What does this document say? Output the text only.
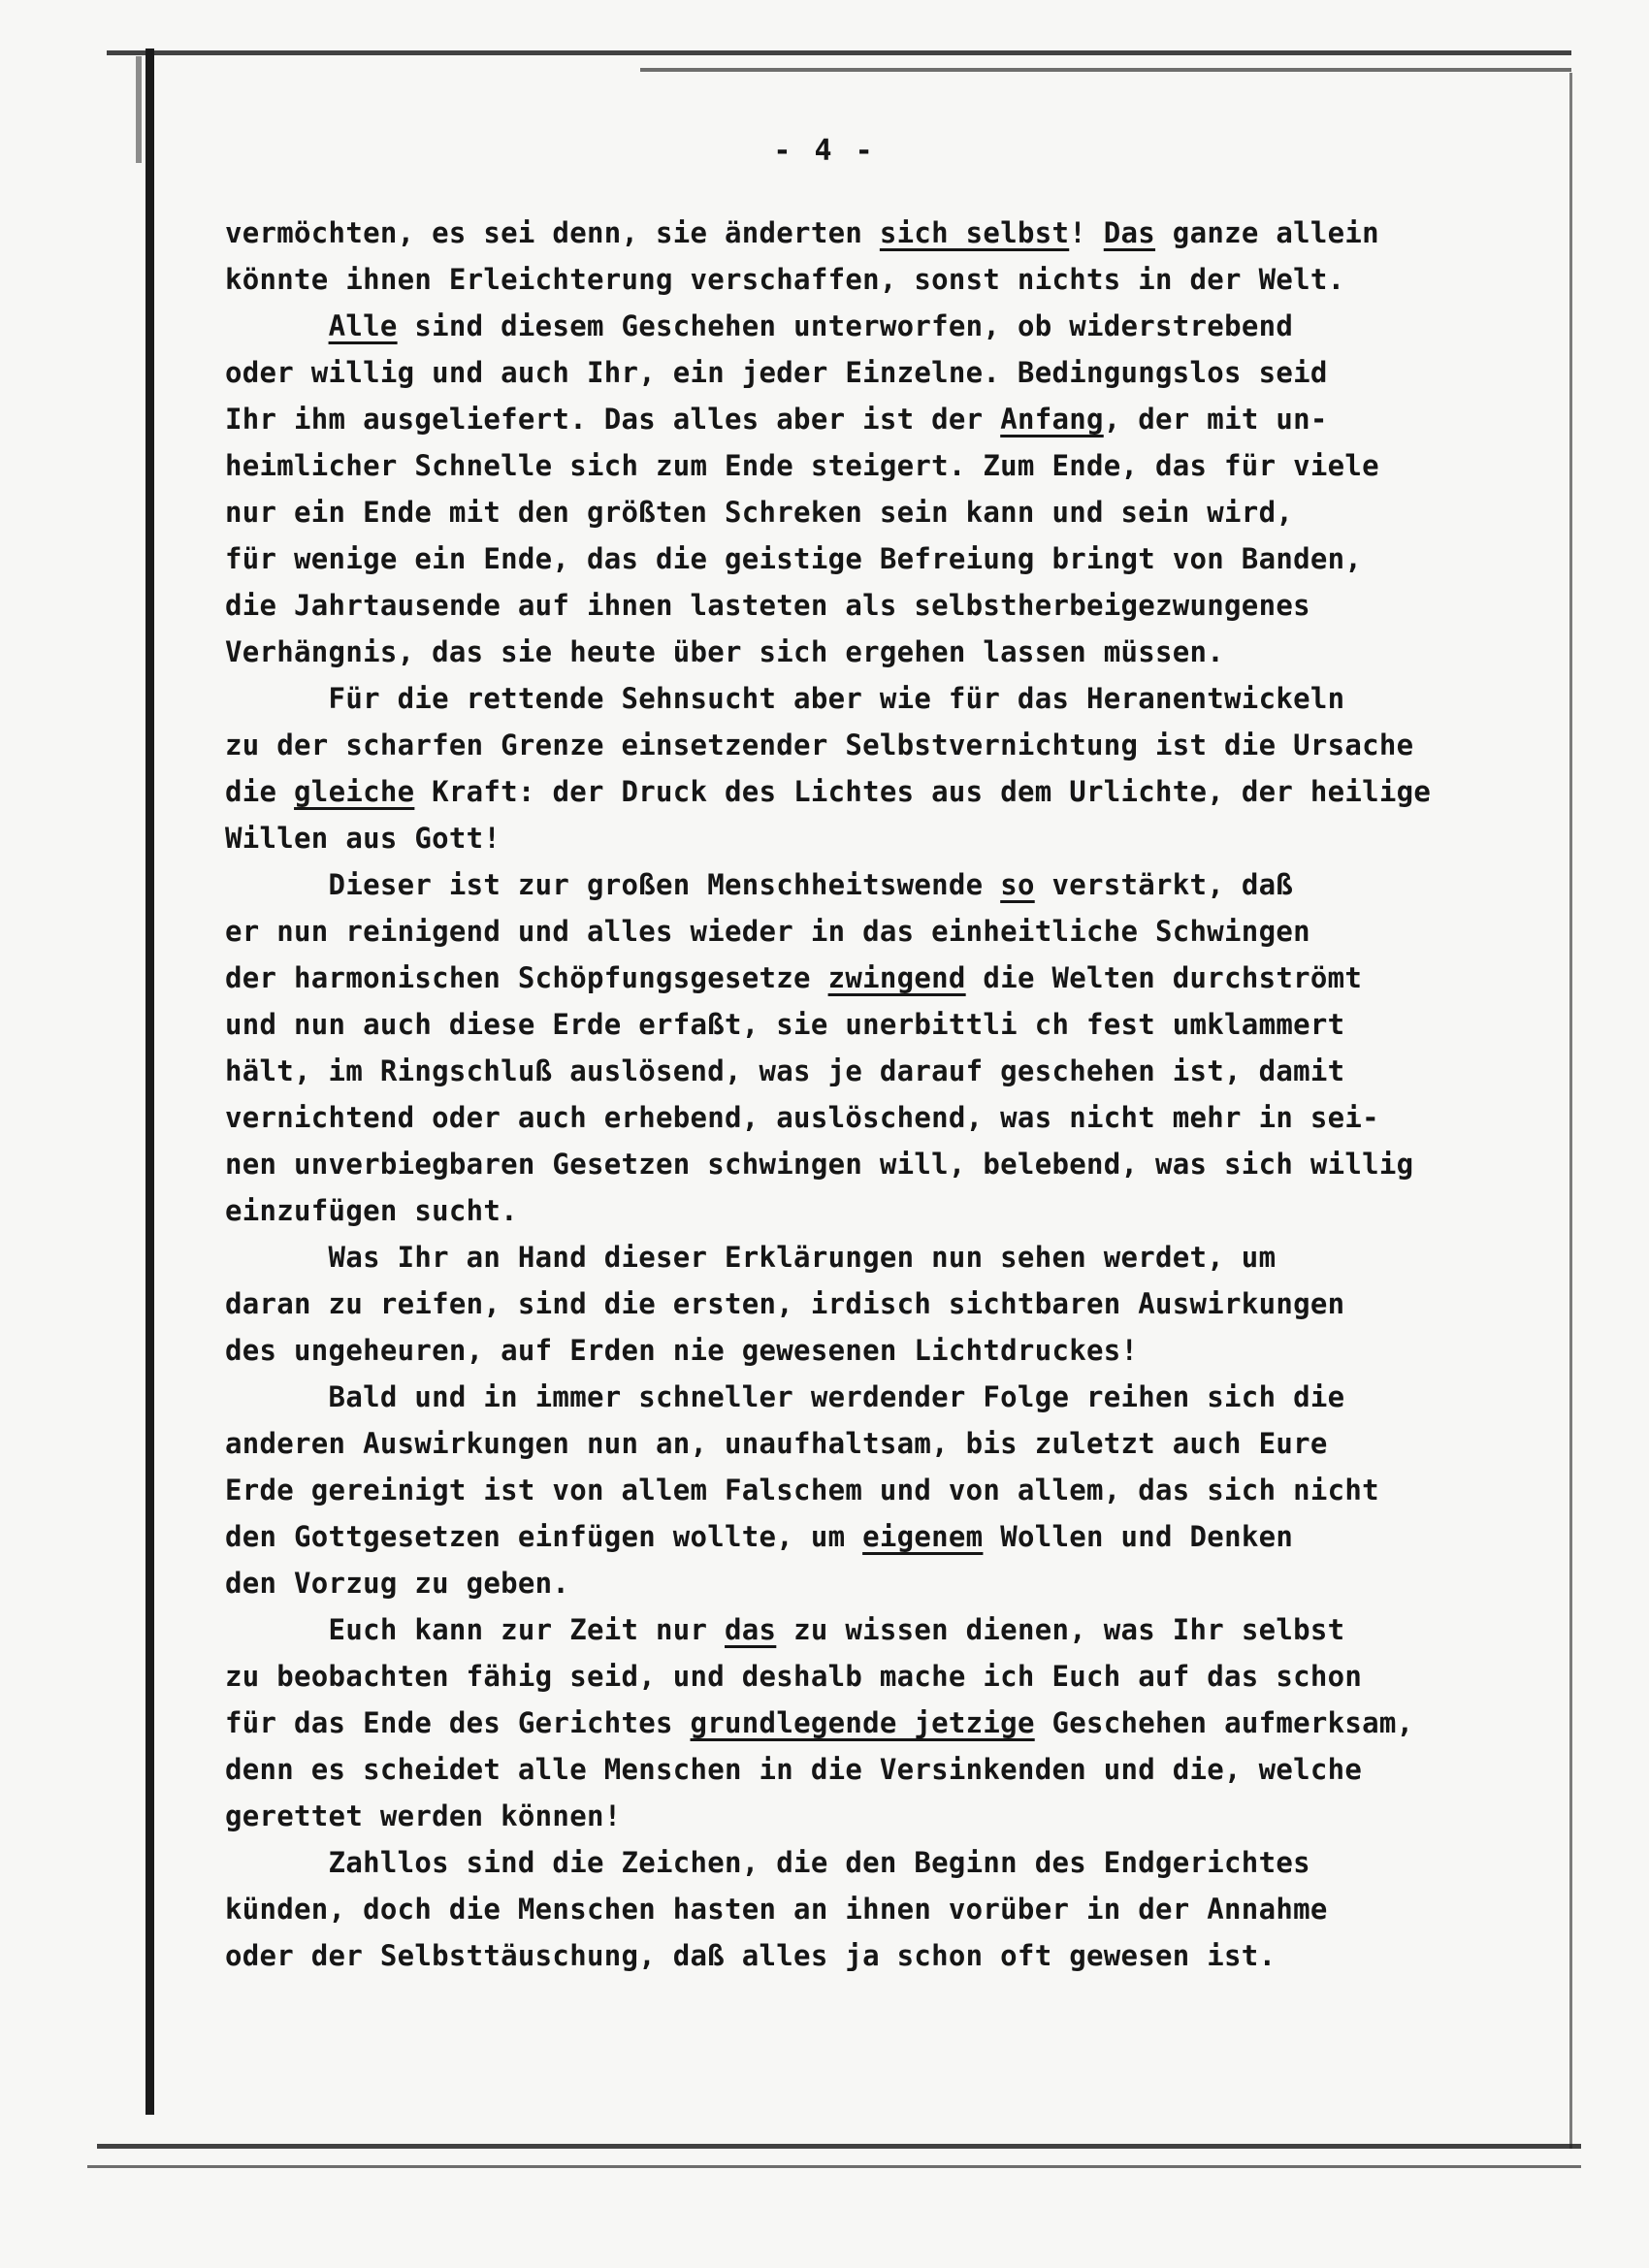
- 4 -
vermöchten, es sei denn, sie änderten sich selbst! Das ganze allein
könnte ihnen Erleichterung verschaffen, sonst nichts in der Welt.
Alle sind diesem Geschehen unterworfen, ob widerstrebend
oder willig und auch Ihr, ein jeder Einzelne. Bedingungslos seid
Ihr ihm ausgeliefert. Das alles aber ist der Anfang, der mit un-
heimlicher Schnelle sich zum Ende steigert. Zum Ende, das für viele
nur ein Ende mit den größten Schreken sein kann und sein wird,
für wenige ein Ende, das die geistige Befreiung bringt von Banden,
die Jahrtausende auf ihnen lasteten als selbstherbeigezwungenes
Verhängnis, das sie heute über sich ergehen lassen müssen.
Für die rettende Sehnsucht aber wie für das Heranentwickeln
zu der scharfen Grenze einsetzender Selbstvernichtung ist die Ursache
die gleiche Kraft: der Druck des Lichtes aus dem Urlichte, der heilige
Willen aus Gott!
Dieser ist zur großen Menschheitswende so verstärkt, daß
er nun reinigend und alles wieder in das einheitliche Schwingen
der harmonischen Schöpfungsgesetze zwingend die Welten durchströmt
und nun auch diese Erde erfaßt, sie unerbittli ch fest umklammert
hält, im Ringschluß auslösend, was je darauf geschehen ist, damit
vernichtend oder auch erhebend, auslöschend, was nicht mehr in sei-
nen unverbiegbaren Gesetzen schwingen will, belebend, was sich willig
einzufügen sucht.
Was Ihr an Hand dieser Erklärungen nun sehen werdet, um
daran zu reifen, sind die ersten, irdisch sichtbaren Auswirkungen
des ungeheuren, auf Erden nie gewesenen Lichtdruckes!
Bald und in immer schneller werdender Folge reihen sich die
anderen Auswirkungen nun an, unaufhaltsam, bis zuletzt auch Eure
Erde gereinigt ist von allem Falschem und von allem, das sich nicht
den Gottgesetzen einfügen wollte, um eigenem Wollen und Denken
den Vorzug zu geben.
Euch kann zur Zeit nur das zu wissen dienen, was Ihr selbst
zu beobachten fähig seid, und deshalb mache ich Euch auf das schon
für das Ende des Gerichtes grundlegende jetzige Geschehen aufmerksam,
denn es scheidet alle Menschen in die Versinkenden und die, welche
gerettet werden können!
Zahllos sind die Zeichen, die den Beginn des Endgerichtes
künden, doch die Menschen hasten an ihnen vorüber in der Annahme
oder der Selbsttäuschung, daß alles ja schon oft gewesen ist.
